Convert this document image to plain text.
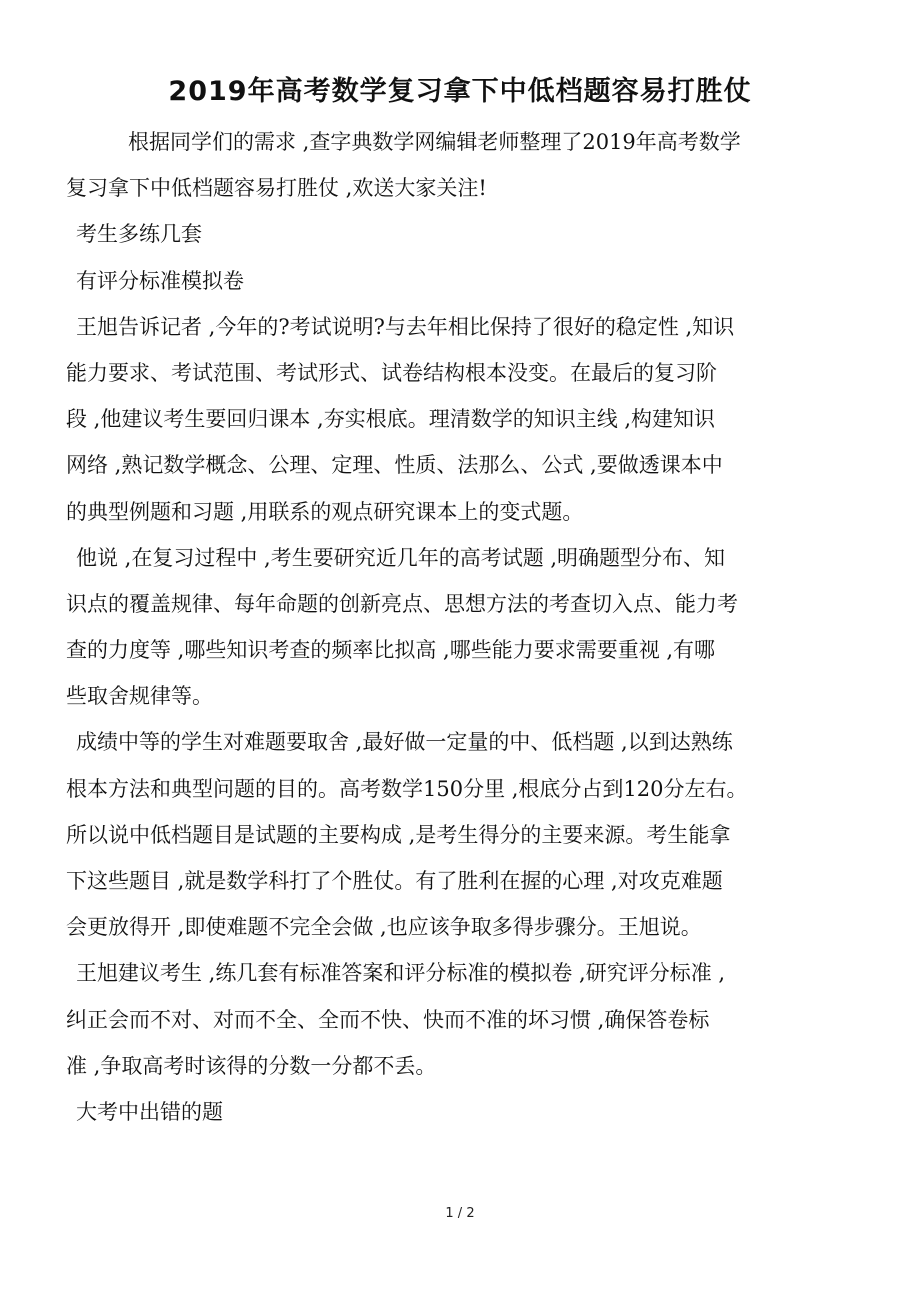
2019年高考数学复习拿下中低档题容易打胜仗
根据同学们的需求 ,查字典数学网编辑老师整理了2019年高考数学
复习拿下中低档题容易打胜仗 ,欢送大家关注!
考生多练几套
有评分标准模拟卷
王旭告诉记者 ,今年的?考试说明?与去年相比保持了很好的稳定性 ,知识
能力要求、考试范围、考试形式、试卷结构根本没变。在最后的复习阶
段 ,他建议考生要回归课本 ,夯实根底。理清数学的知识主线 ,构建知识
网络 ,熟记数学概念、公理、定理、性质、法那么、公式 ,要做透课本中
的典型例题和习题 ,用联系的观点研究课本上的变式题。
他说 ,在复习过程中 ,考生要研究近几年的高考试题 ,明确题型分布、知
识点的覆盖规律、每年命题的创新亮点、思想方法的考查切入点、能力考
查的力度等 ,哪些知识考查的频率比拟高 ,哪些能力要求需要重视 ,有哪
些取舍规律等。
成绩中等的学生对难题要取舍 ,最好做一定量的中、低档题 ,以到达熟练
根本方法和典型问题的目的。高考数学150分里 ,根底分占到120分左右。
所以说中低档题目是试题的主要构成 ,是考生得分的主要来源。考生能拿
下这些题目 ,就是数学科打了个胜仗。有了胜利在握的心理 ,对攻克难题
会更放得开 ,即使难题不完全会做 ,也应该争取多得步骤分。王旭说。
王旭建议考生 ,练几套有标准答案和评分标准的模拟卷 ,研究评分标准 ,
纠正会而不对、对而不全、全而不快、快而不准的坏习惯 ,确保答卷标
准 ,争取高考时该得的分数一分都不丢。
大考中出错的题
1 / 2
